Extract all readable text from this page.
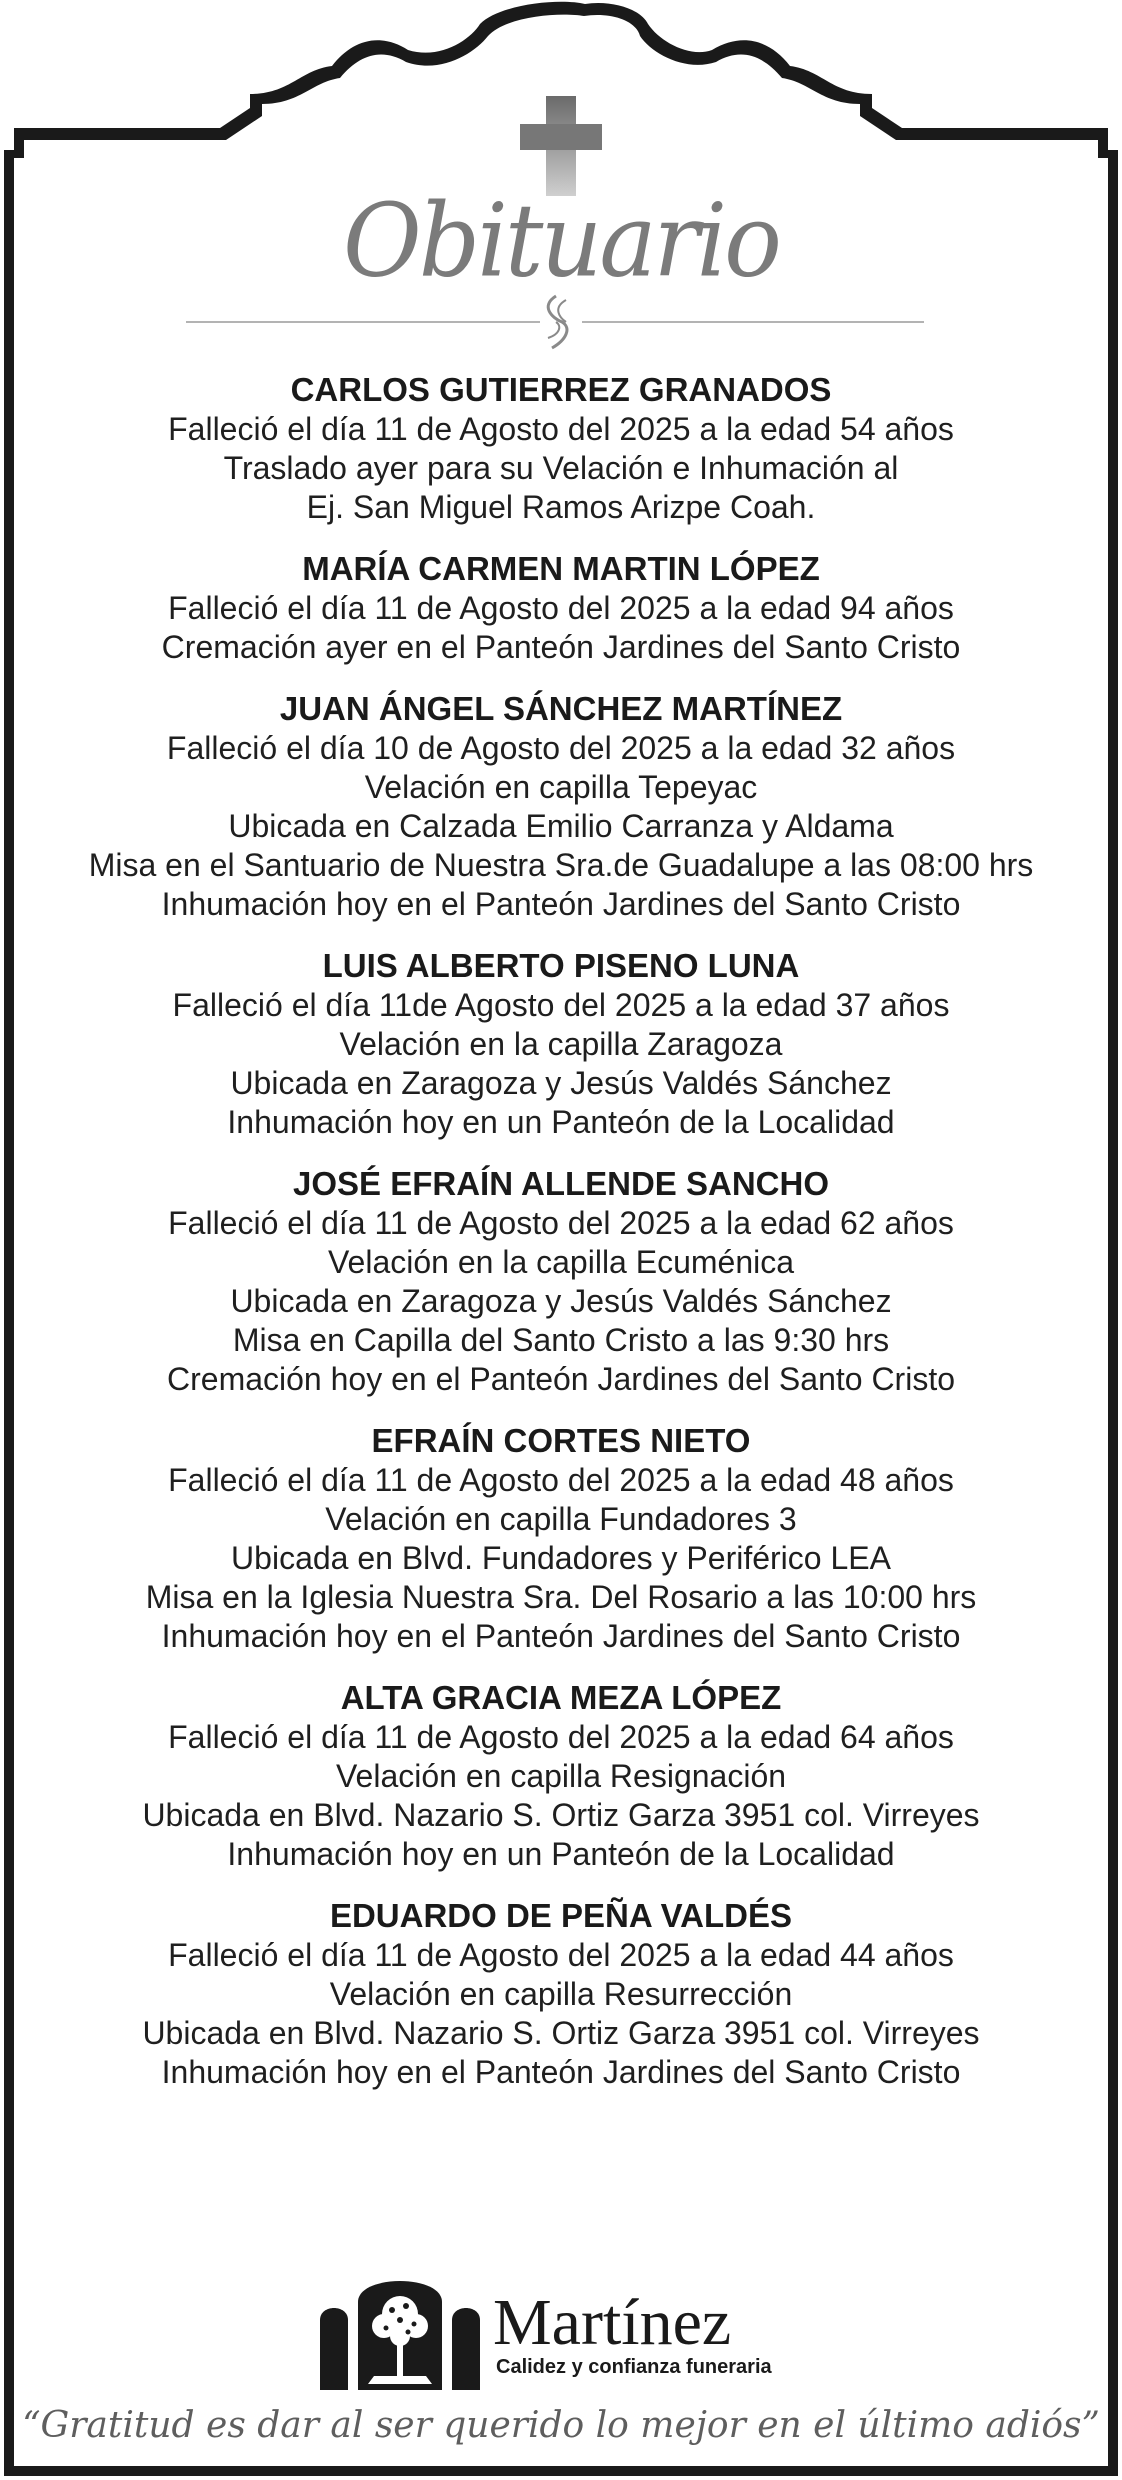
Obituario

CARLOS GUTIERREZ GRANADOS

Falleció el día 11 de Agosto del 2025 a la edad 54 años

Traslado ayer para su Velación e Inhumación al

Ej. San Miguel Ramos Arizpe Coah.

MARÍA CARMEN MARTIN LÓPEZ

Falleció el día 11 de Agosto del 2025 a la edad 94 años

Cremación ayer en el Panteón Jardines del Santo Cristo

JUAN ÁNGEL SÁNCHEZ MARTÍNEZ

Falleció el día 10 de Agosto del 2025 a la edad 32 años

Velación en capilla Tepeyac

Ubicada en Calzada Emilio Carranza y Aldama

Misa en el Santuario de Nuestra Sra.de Guadalupe a las 08:00 hrs

Inhumación hoy en el Panteón Jardines del Santo Cristo

LUIS ALBERTO PISENO LUNA

Falleció el día 11de Agosto del 2025 a la edad 37 años

Velación en la capilla Zaragoza

Ubicada en Zaragoza y Jesús Valdés Sánchez

Inhumación hoy en un Panteón de la Localidad

JOSÉ EFRAÍN ALLENDE SANCHO

Falleció el día 11 de Agosto del 2025 a la edad 62 años

Velación en la capilla Ecuménica

Ubicada en Zaragoza y Jesús Valdés Sánchez

Misa en Capilla del Santo Cristo a las 9:30 hrs

Cremación hoy en el Panteón Jardines del Santo Cristo

EFRAÍN CORTES NIETO

Falleció el día 11 de Agosto del 2025 a la edad 48 años

Velación en capilla Fundadores 3

Ubicada en Blvd. Fundadores y Periférico LEA

Misa en la Iglesia Nuestra Sra. Del Rosario a las 10:00 hrs

Inhumación hoy en el Panteón Jardines del Santo Cristo

ALTA GRACIA MEZA LÓPEZ

Falleció el día 11 de Agosto del 2025 a la edad 64 años

Velación en capilla Resignación

Ubicada en Blvd. Nazario S. Ortiz Garza 3951 col. Virreyes

Inhumación hoy en un Panteón de la Localidad

EDUARDO DE PEÑA VALDÉS

Falleció el día 11 de Agosto del 2025 a la edad 44 años

Velación en capilla Resurrección

Ubicada en Blvd. Nazario S. Ortiz Garza 3951 col. Virreyes

Inhumación hoy en el Panteón Jardines del Santo Cristo

Martínez
Calidez y confianza funeraria
“Gratitud es dar al ser querido lo mejor en el último adiós”
